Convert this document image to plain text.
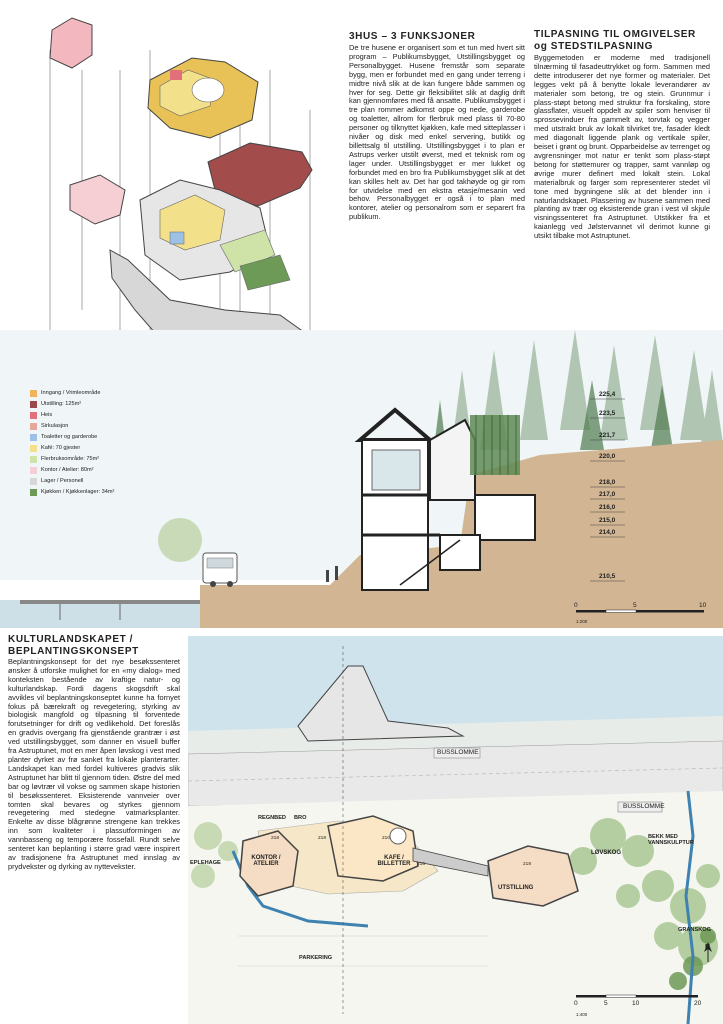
3HUS – 3 FUNKSJONER

De tre husene er organisert som et tun med hvert sitt program – Publikumsbygget, Utstillingsbygget og Personalbygget. Husene fremstår som separate bygg, men er forbundet med en gang under terreng i midtre nivå slik at de kan fungere både sammen og hver for seg. Dette gir fleksibilitet slik at daglig drift kan gjennomføres med få ansatte. Publikumsbygget i tre plan rommer adkomst oppe og nede, garderobe og toaletter, allrom for flerbruk med plass til 70-80 personer og tilknyttet kjøkken, kafe med sitteplasser i nivåer og disk med enkel servering, butikk og billettsalg til utstilling. Utstillingsbygget i to plan er Astrups verker utstilt øverst, med et teknisk rom og lager under. Utstillingsbygget er mer lukket og forbundet med en bro fra Publikumsbygget slik at det kan skilles helt av. Det har god takhøyde og gir rom for utvidelse med en ekstra etasje/mesanin ved behov. Personalbygget er også i to plan med kontorer, atelier og personalrom som er separert fra publikum.

TILPASNING TIL OMGIVELSER
og STEDSTILPASNING

Byggemetoden er moderne med tradisjonell tilnærming til fasadeuttrykket og form. Sammen med dette introduserer det nye former og materialer. Det legges vekt på å benytte lokale leverandører av materialer som betong, tre og stein. Grunnmur i plass-støpt betong med struktur fra forskaling, store glassflater, visuelt oppdelt av spiler som henviser til sprossevinduer fra gammelt av, torvtak og vegger med utstrakt bruk av lokalt tilvirket tre, fasader kledt med diagonalt liggende plank og vertikale spiler, beiset i grønt og brunt. Opparbeidelse av terrenget og avgrensninger mot natur er tenkt som plass-støpt betong for støttemurer og trapper, samt vannløp og øvrige murer definert med lokalt stein. Lokal materialbruk og farger som representerer stedet vil tone med bygningene slik at det blender inn i naturlandskapet. Plassering av husene sammen med planting av trær og eksisterende gran i vest vil skjule visningssenteret fra Astruptunet. Utstikker fra et kaianlegg ved Jølstervannet vil derimot kunne gi utsikt tilbake mot Astruptunet.

225,4
223,5
221,7
220,0
218,0
217,0
216,0
215,0
214,0
210,5
0	5	10
1:200
Inngang / Vrimleområde
Utstilling: 125m²
Heis
Sirkulasjon
Toaletter og garderobe
Kafé: 70 gjester
Flerbruksområde: 75m²
Kontor / Atelier: 80m²
Lager / Personell
Kjøkken / Kjøkkenlager: 34m²
KULTURLANDSKAPET /
BEPLANTINGSKONSEPT

Beplantningskonsept for det nye besøkssenteret ønsker å utforske mulighet for en «my dialog» med konteksten bestående av kraftige natur- og kulturlandskap. Fordi dagens skogsdrift skal avvikles vil beplantningskonseptet kunne ha fornyet fokus på bærekraft og revegetering, styrking av biologisk mangfold og tilpasning til forventede forutsetninger for drift og vedlikehold. Det foreslås en gradvis overgang fra gjenstående grantrær i øst ved utstillingsbygget, som danner en visuell buffer fra Astruptunet, mot en mer åpen løvskog i vest med planter dyrket av frø sanket fra lokale planterarter. Landskapet kan med fordel kultiveres gradvis slik Astruptunet har blitt til gjennom tiden. Østre del med bar og løvtrær vil vokse og sammen skape historien til besøkssenteret. Eksisterende vannveier over tomten skal bevares og styrkes gjennom revegetering med stedegne vatmarksplanter. Enkelte av disse blågrønne strengene kan trekkes inn som kvaliteter i plassutformingen av vannbasseng og temporære fossefall. Rundt selve senteret kan beplanting i større grad være inspirert av tradisjonene fra Astruptunet med innslag av prydvekster og dyrking av nyttevekster.

BUSSLOMME
BUSSLOMME
REGNBED BRO
KONTOR / ATELIER
KAFE / BILLETTER
UTSTILLING
EPLEHAGE
PARKERING
LØVSKOG
GRANSKOG
BEKK MED VANNSKULPTUR
N
218	218
216	218
210
0	5	10	20
1:400
